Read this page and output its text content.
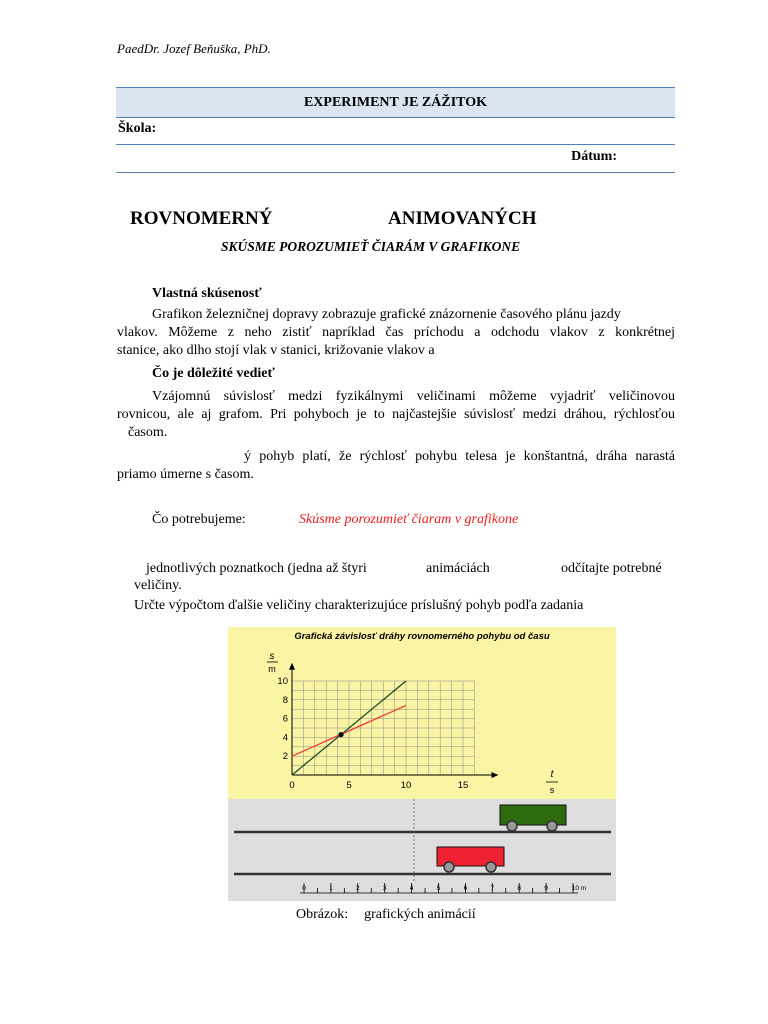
PaedDr. Jozef Beňuška, PhD.
EXPERIMENT JE ZÁŽITOK
Škola:
Dátum:
ROVNOMERNÝ	ANIMOVANÝCH
SKÚSME POROZUMIEŤ ČIARÁM V GRAFIKONE
Vlastná skúsenosť

Grafikon železničnej dopravy zobrazuje grafické znázornenie časového plánu jazdy

vlakov. Môžeme z neho zistiť napríklad čas príchodu a odchodu vlakov z konkrétnej

stanice, ako dlho stojí vlak v stanici, križovanie vlakov a

Čo je dôležité vedieť

Vzájomnú súvislosť medzi fyzikálnymi veličinami môžeme vyjadriť veličinovou

rovnicou, ale aj grafom. Pri pohyboch je to najčastejšie súvislosť medzi dráhou, rýchlosťou

časom.

ý pohyb platí, že rýchlosť pohybu telesa je konštantná, dráha narastá

priamo úmerne s časom.

Čo potrebujeme:	Skúsme porozumieť čiaram v grafikone
jednotlivých poznatkoch (jedna až štyri	animáciách	odčítajte potrebné
veličiny.
Určte výpočtom ďalšie veličiny charakterizujúce príslušný pohyb podľa zadania
Grafická závislosť dráhy rovnomerného pohybu od času
0	5	10	15
2
4
6
8
10
s
m
t
s
0	1	2	3	4	5	6	7	8	9	10 m
Obrázok: grafických animácií
